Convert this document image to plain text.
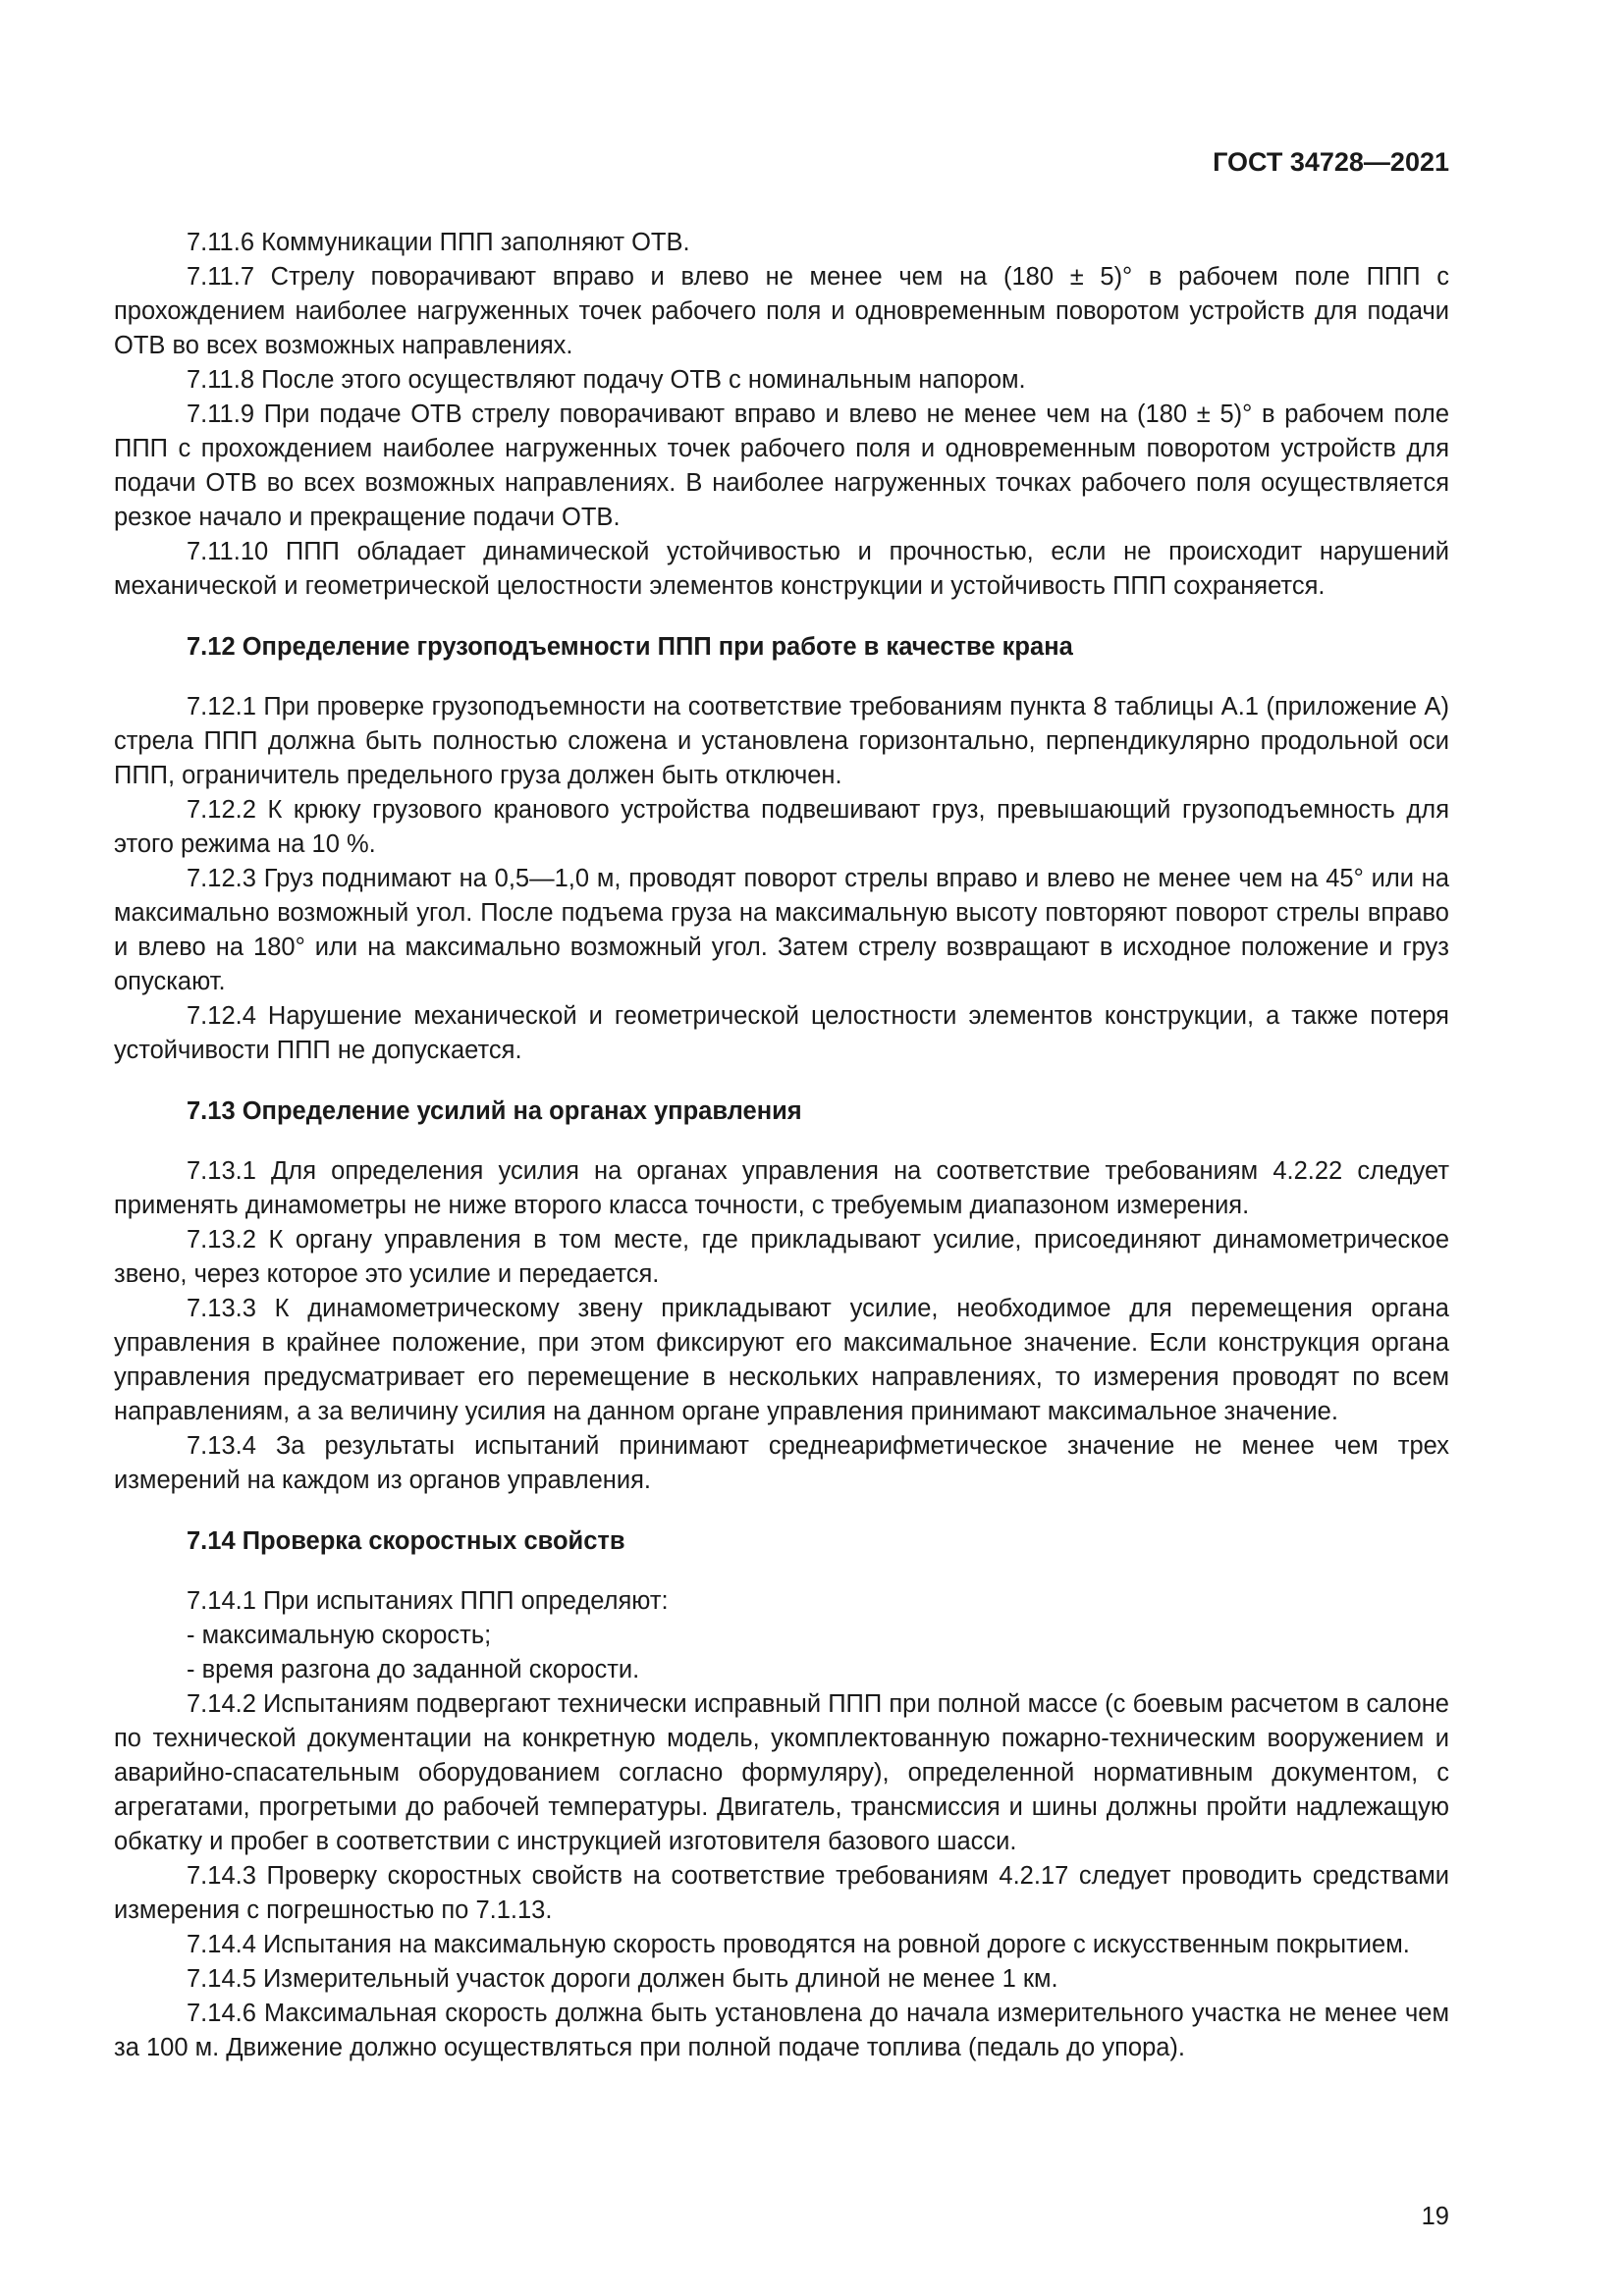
ГОСТ 34728—2021

7.11.6 Коммуникации ППП заполняют ОТВ.

7.11.7 Стрелу поворачивают вправо и влево не менее чем на (180 ± 5)° в рабочем поле ППП с прохождением наиболее нагруженных точек рабочего поля и одновременным поворотом устройств для подачи ОТВ во всех возможных направлениях.

7.11.8 После этого осуществляют подачу ОТВ с номинальным напором.

7.11.9 При подаче ОТВ стрелу поворачивают вправо и влево не менее чем на (180 ± 5)° в рабочем поле ППП с прохождением наиболее нагруженных точек рабочего поля и одновременным поворотом устройств для подачи ОТВ во всех возможных направлениях. В наиболее нагруженных точках рабочего поля осуществляется резкое начало и прекращение подачи ОТВ.

7.11.10 ППП обладает динамической устойчивостью и прочностью, если не происходит нарушений механической и геометрической целостности элементов конструкции и устойчивость ППП сохраняется.

7.12 Определение грузоподъемности ППП при работе в качестве крана

7.12.1 При проверке грузоподъемности на соответствие требованиям пункта 8 таблицы А.1 (приложение А) стрела ППП должна быть полностью сложена и установлена горизонтально, перпендикулярно продольной оси ППП, ограничитель предельного груза должен быть отключен.

7.12.2 К крюку грузового кранового устройства подвешивают груз, превышающий грузоподъемность для этого режима на 10 %.

7.12.3 Груз поднимают на 0,5—1,0 м, проводят поворот стрелы вправо и влево не менее чем на 45° или на максимально возможный угол. После подъема груза на максимальную высоту повторяют поворот стрелы вправо и влево на 180° или на максимально возможный угол. Затем стрелу возвращают в исходное положение и груз опускают.

7.12.4 Нарушение механической и геометрической целостности элементов конструкции, а также потеря устойчивости ППП не допускается.

7.13 Определение усилий на органах управления

7.13.1 Для определения усилия на органах управления на соответствие требованиям 4.2.22 следует применять динамометры не ниже второго класса точности, с требуемым диапазоном измерения.

7.13.2 К органу управления в том месте, где прикладывают усилие, присоединяют динамометрическое звено, через которое это усилие и передается.

7.13.3 К динамометрическому звену прикладывают усилие, необходимое для перемещения органа управления в крайнее положение, при этом фиксируют его максимальное значение. Если конструкция органа управления предусматривает его перемещение в нескольких направлениях, то измерения проводят по всем направлениям, а за величину усилия на данном органе управления принимают максимальное значение.

7.13.4 За результаты испытаний принимают среднеарифметическое значение не менее чем трех измерений на каждом из органов управления.

7.14 Проверка скоростных свойств

7.14.1 При испытаниях ППП определяют:

- максимальную скорость;

- время разгона до заданной скорости.

7.14.2 Испытаниям подвергают технически исправный ППП при полной массе (с боевым расчетом в салоне по технической документации на конкретную модель, укомплектованную пожарно-техническим вооружением и аварийно-спасательным оборудованием согласно формуляру), определенной нормативным документом, с агрегатами, прогретыми до рабочей температуры. Двигатель, трансмиссия и шины должны пройти надлежащую обкатку и пробег в соответствии с инструкцией изготовителя базового шасси.

7.14.3 Проверку скоростных свойств на соответствие требованиям 4.2.17 следует проводить средствами измерения с погрешностью по 7.1.13.

7.14.4 Испытания на максимальную скорость проводятся на ровной дороге с искусственным покрытием.

7.14.5 Измерительный участок дороги должен быть длиной не менее 1 км.

7.14.6 Максимальная скорость должна быть установлена до начала измерительного участка не менее чем за 100 м. Движение должно осуществляться при полной подаче топлива (педаль до упора).

19
